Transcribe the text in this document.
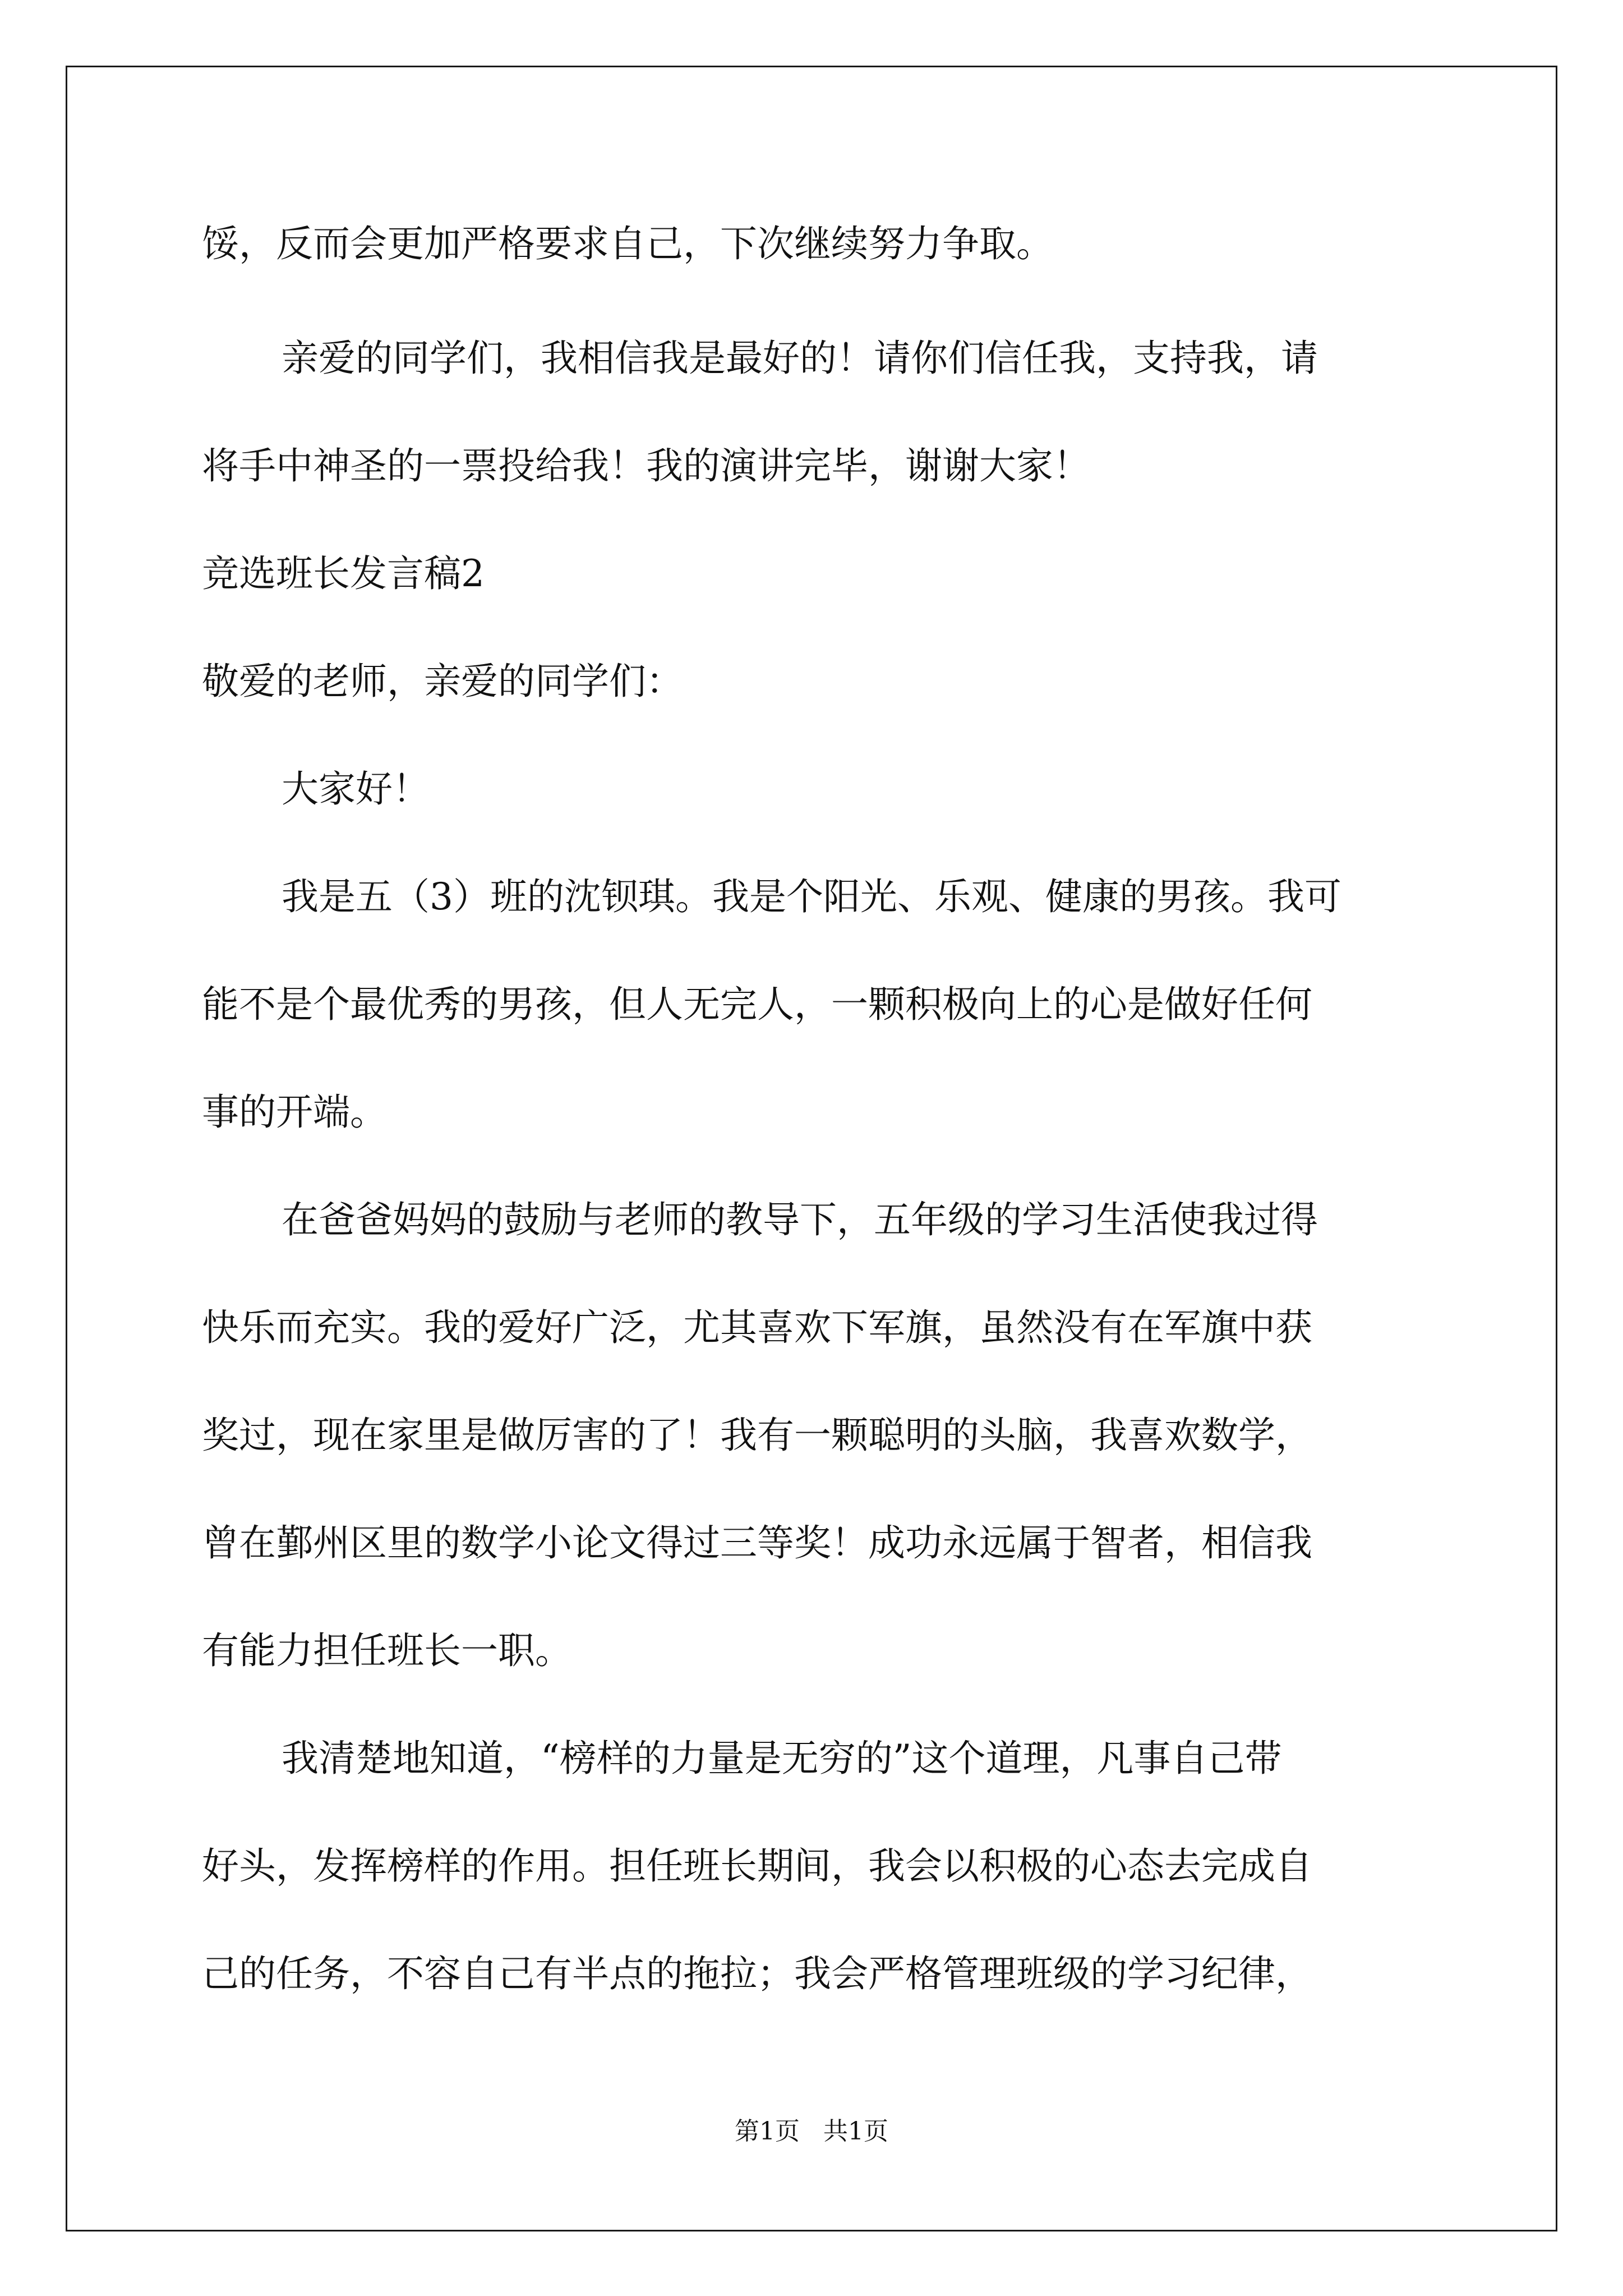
馁，反而会更加严格要求自己，下次继续努力争取。
亲爱的同学们，我相信我是最好的！请你们信任我，支持我，请
将手中神圣的一票投给我！我的演讲完毕，谢谢大家！
竞选班长发言稿2
敬爱的老师，亲爱的同学们：
大家好！
我是五（3）班的沈钡琪。我是个阳光、乐观、健康的男孩。我可
能不是个最优秀的男孩，但人无完人，一颗积极向上的心是做好任何
事的开端。
在爸爸妈妈的鼓励与老师的教导下，五年级的学习生活使我过得
快乐而充实。我的爱好广泛，尤其喜欢下军旗，虽然没有在军旗中获
奖过，现在家里是做厉害的了！我有一颗聪明的头脑，我喜欢数学，
曾在鄞州区里的数学小论文得过三等奖！成功永远属于智者，相信我
有能力担任班长一职。
我清楚地知道，“榜样的力量是无穷的”这个道理，凡事自己带
好头，发挥榜样的作用。担任班长期间，我会以积极的心态去完成自
己的任务，不容自己有半点的拖拉；我会严格管理班级的学习纪律，
第1页   共1页
